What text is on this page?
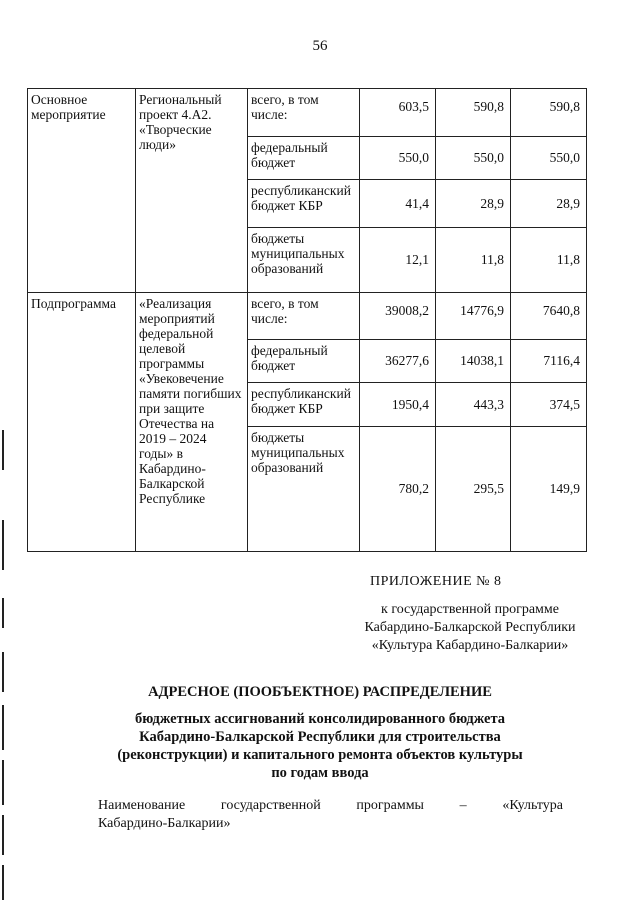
56
Основное мероприятие	Региональный проект 4.А2. «Творческие люди»	всего, в том числе:	603,5	590,8	590,8
		федеральный бюджет	550,0	550,0	550,0
		республиканский бюджет КБР	41,4	28,9	28,9
		бюджеты муниципальных образований	12,1	11,8	11,8
Подпрограмма	«Реализация мероприятий федеральной целевой программы «Увековечение памяти погибших при защите Отечества на 2019 – 2024 годы» в Кабардино-Балкарской Республике	всего, в том числе:	39008,2	14776,9	7640,8
		федеральный бюджет	36277,6	14038,1	7116,4
		республиканский бюджет КБР	1950,4	443,3	374,5
		бюджеты муниципальных образований	780,2	295,5	149,9
ПРИЛОЖЕНИЕ № 8
к государственной программе
Кабардино-Балкарской Республики
«Культура Кабардино-Балкарии»
АДРЕСНОЕ (ПООБЪЕКТНОЕ) РАСПРЕДЕЛЕНИЕ
бюджетных ассигнований консолидированного бюджета
Кабардино-Балкарской Республики для строительства
(реконструкции) и капитального ремонта объектов культуры
по годам ввода
Наименование	государственной	программы	–	«Культура
Кабардино-Балкарии»
